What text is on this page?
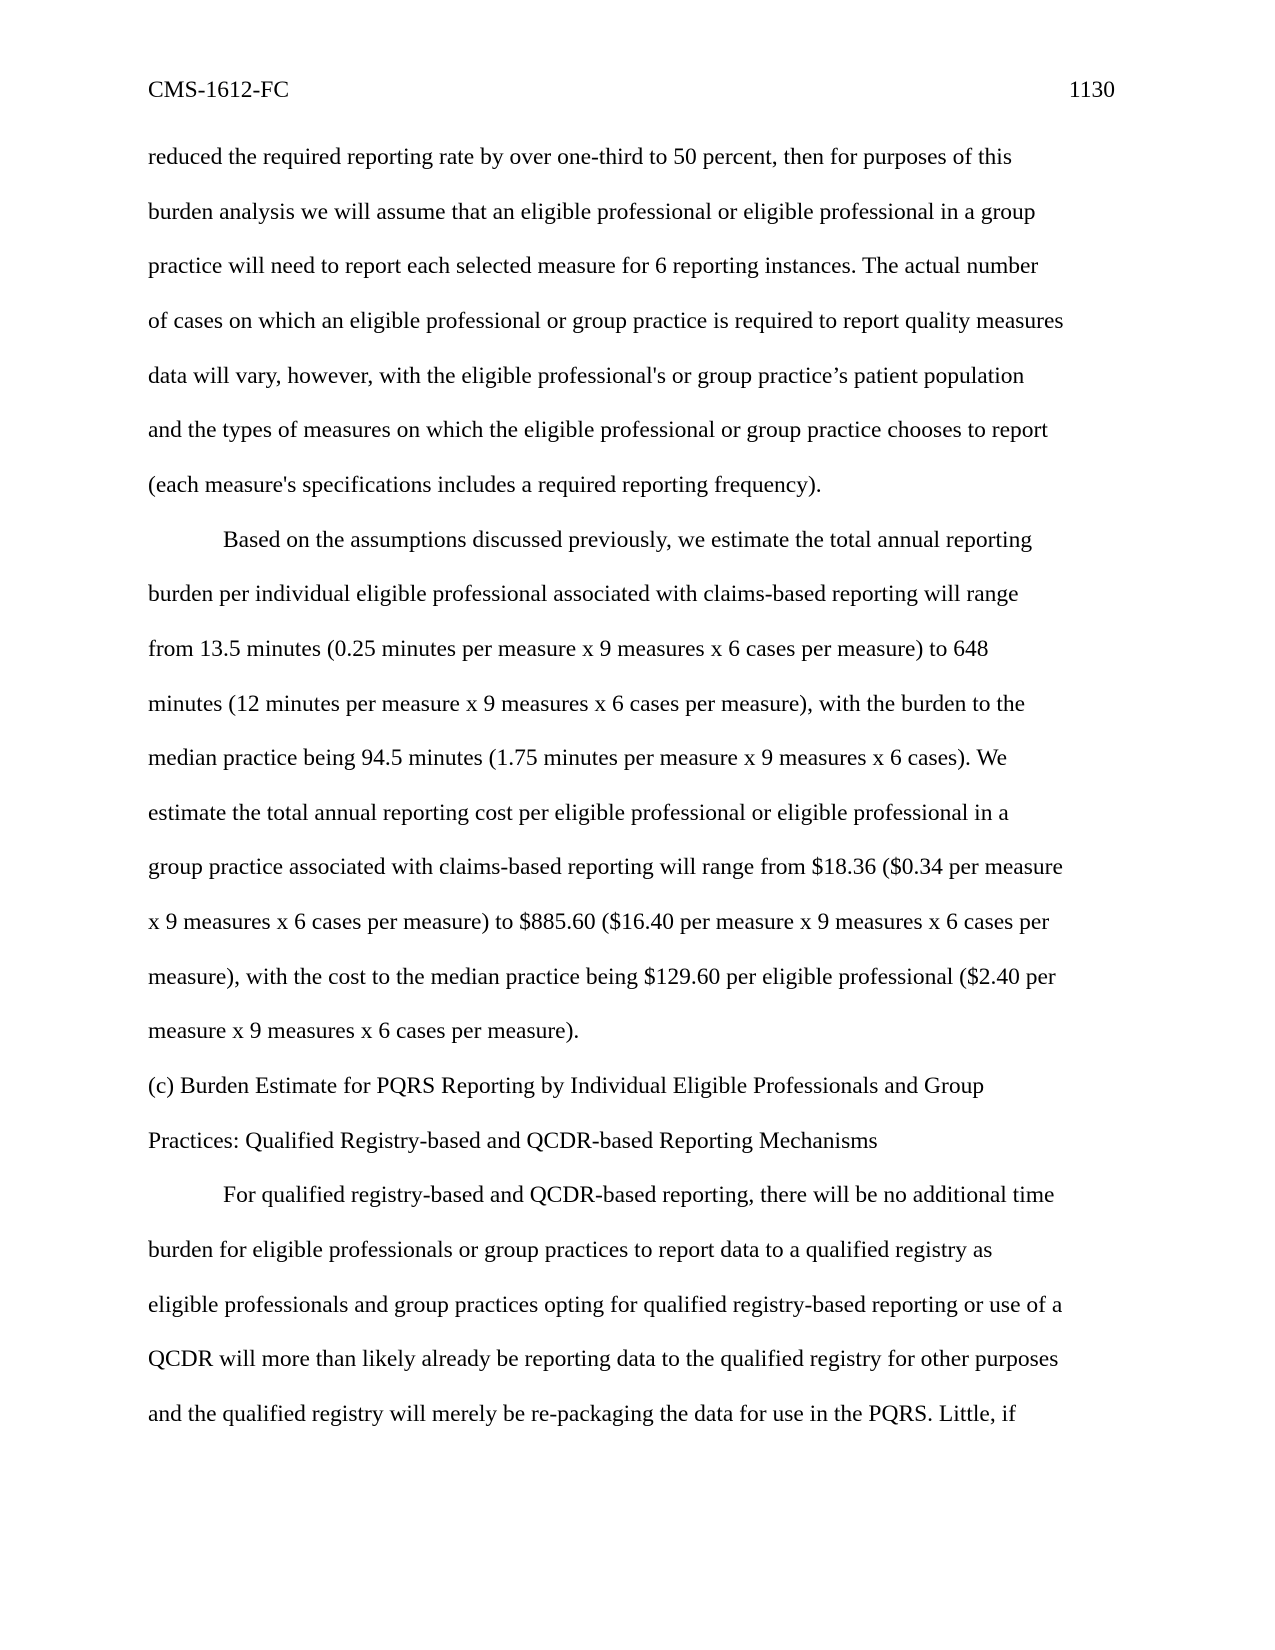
CMS-1612-FC	1130
reduced the required reporting rate by over one-third to 50 percent, then for purposes of this
burden analysis we will assume that an eligible professional or eligible professional in a group
practice will need to report each selected measure for 6 reporting instances. The actual number
of cases on which an eligible professional or group practice is required to report quality measures
data will vary, however, with the eligible professional's or group practice’s patient population
and the types of measures on which the eligible professional or group practice chooses to report
(each measure's specifications includes a required reporting frequency).
Based on the assumptions discussed previously, we estimate the total annual reporting
burden per individual eligible professional associated with claims-based reporting will range
from 13.5 minutes (0.25 minutes per measure x 9 measures x 6 cases per measure) to 648
minutes (12 minutes per measure x 9 measures x 6 cases per measure), with the burden to the
median practice being 94.5 minutes (1.75 minutes per measure x 9 measures x 6 cases). We
estimate the total annual reporting cost per eligible professional or eligible professional in a
group practice associated with claims-based reporting will range from $18.36 ($0.34 per measure
x 9 measures x 6 cases per measure) to $885.60 ($16.40 per measure x 9 measures x 6 cases per
measure), with the cost to the median practice being $129.60 per eligible professional ($2.40 per
measure x 9 measures x 6 cases per measure).
(c) Burden Estimate for PQRS Reporting by Individual Eligible Professionals and Group
Practices: Qualified Registry-based and QCDR-based Reporting Mechanisms
For qualified registry-based and QCDR-based reporting, there will be no additional time
burden for eligible professionals or group practices to report data to a qualified registry as
eligible professionals and group practices opting for qualified registry-based reporting or use of a
QCDR will more than likely already be reporting data to the qualified registry for other purposes
and the qualified registry will merely be re-packaging the data for use in the PQRS. Little, if
